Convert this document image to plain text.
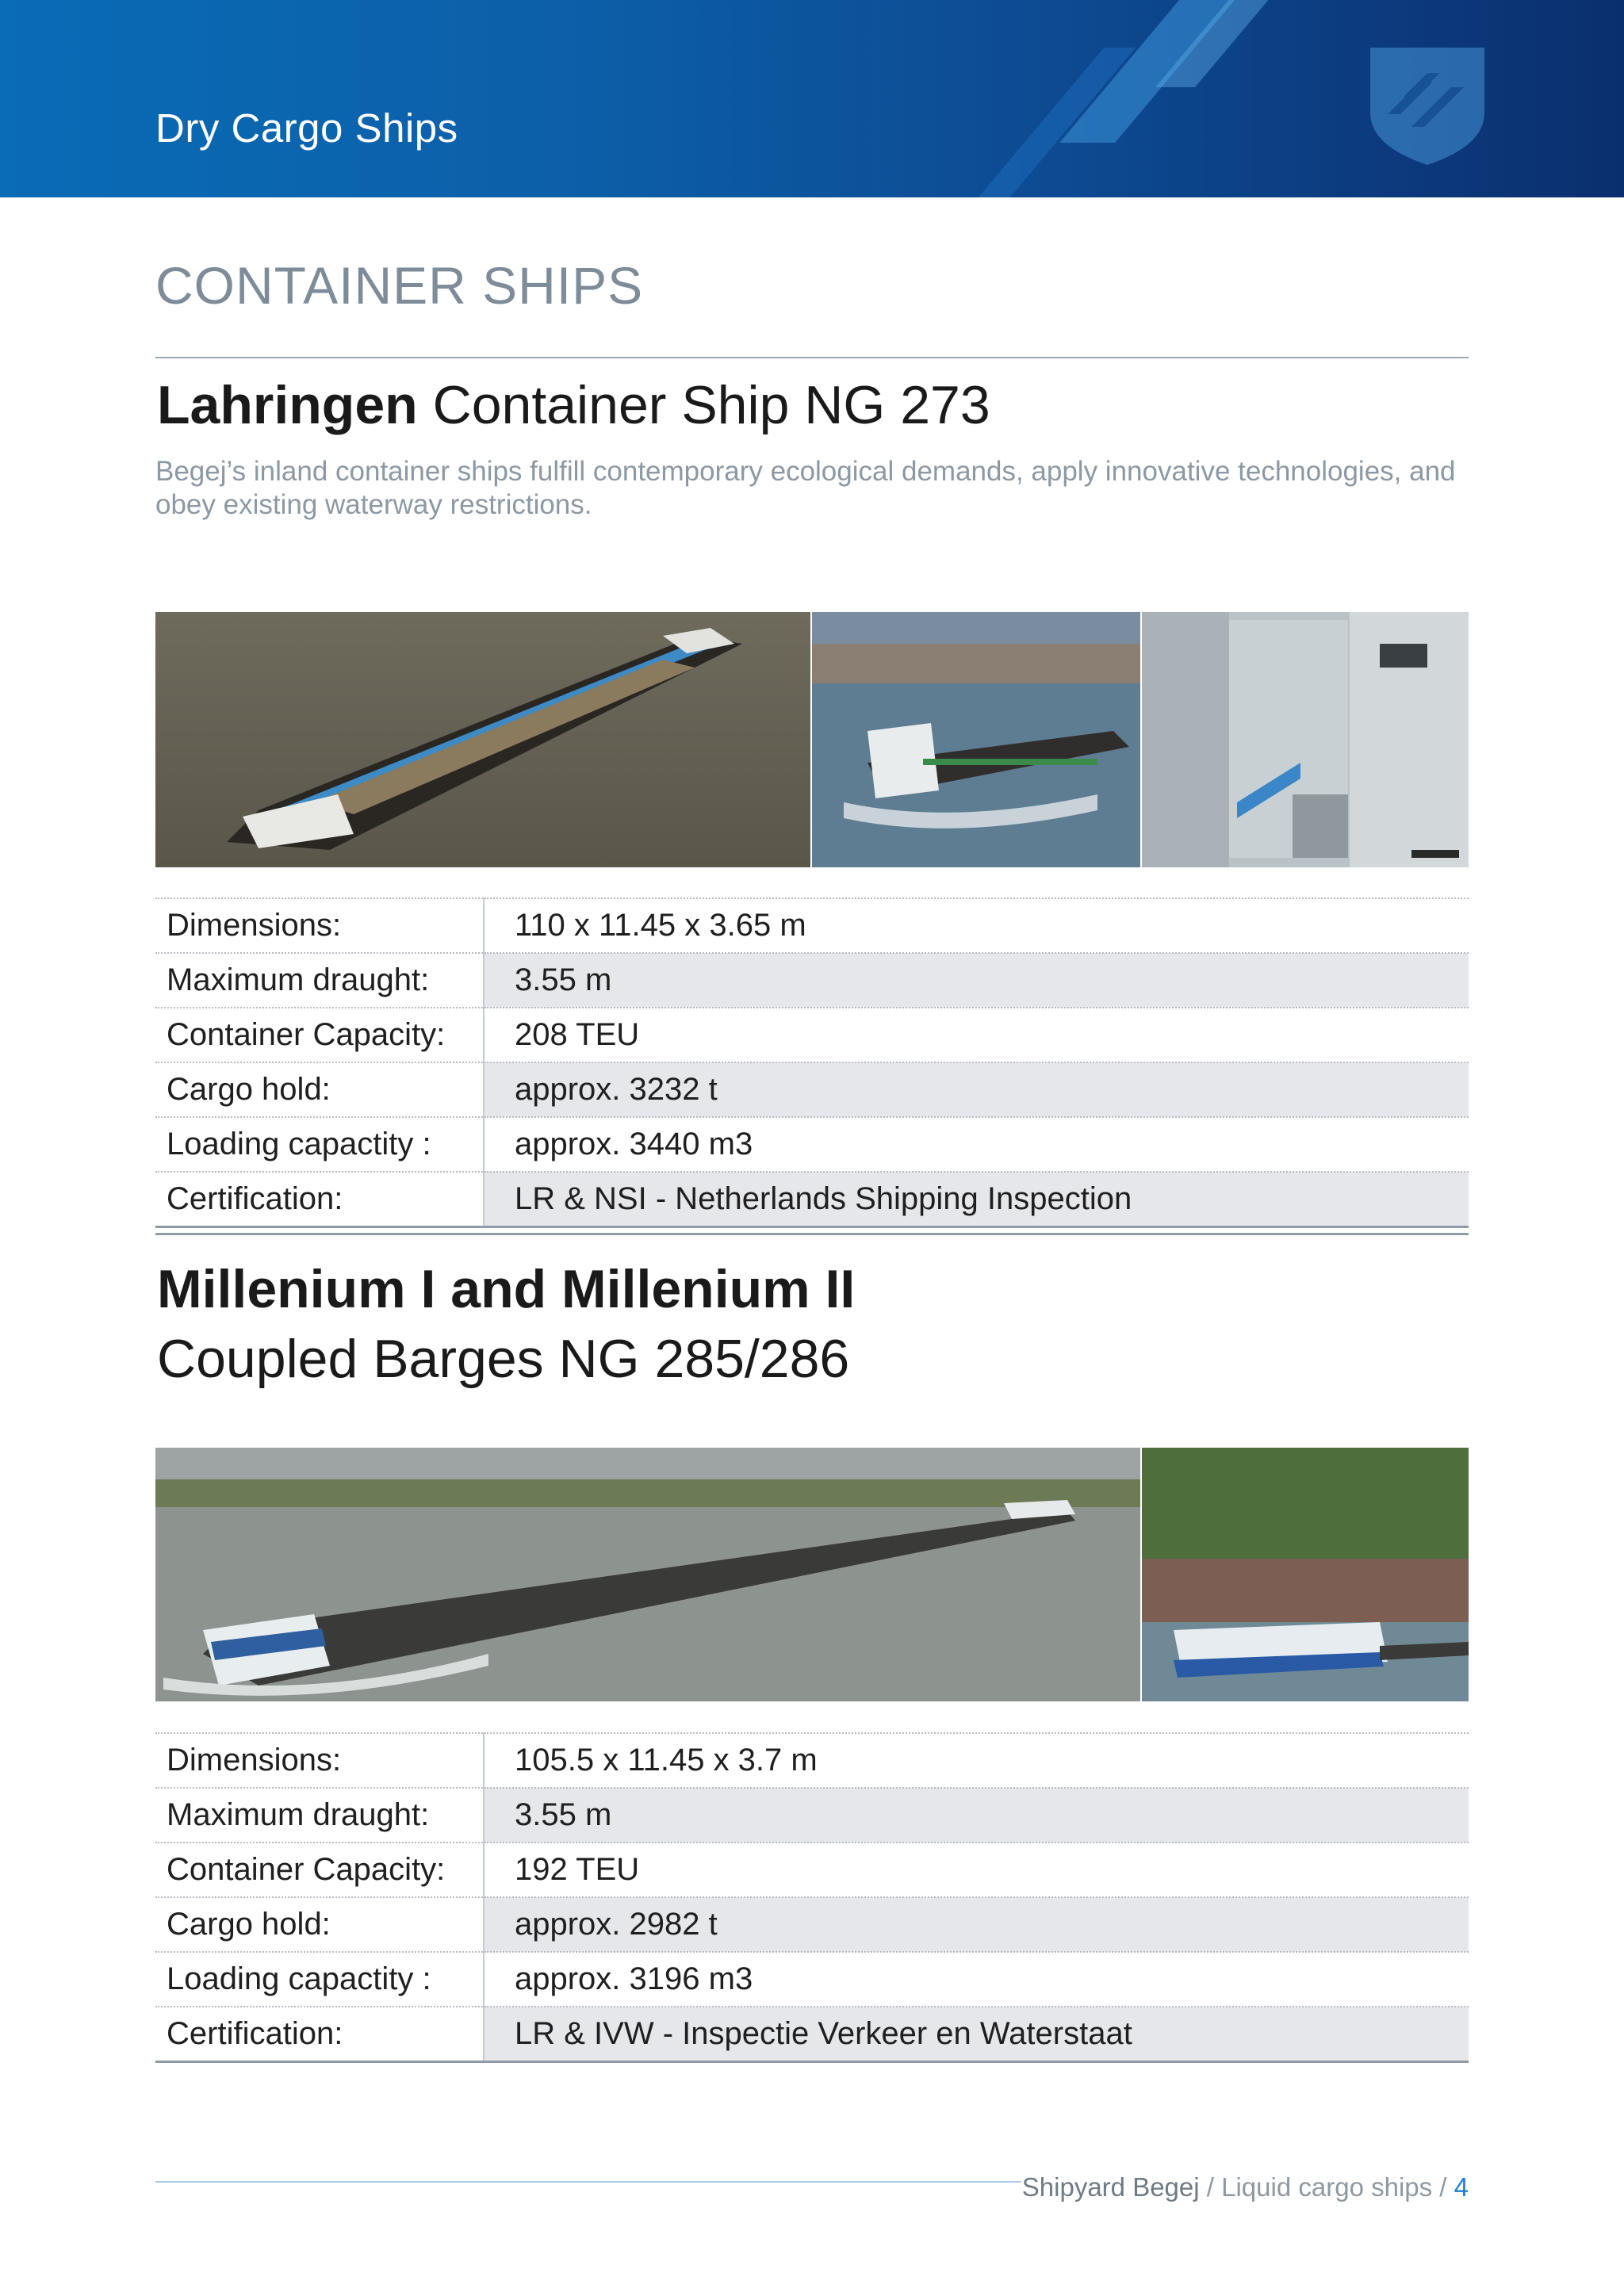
Dry Cargo Ships
CONTAINER SHIPS
Lahringen Container Ship NG 273
Begej’s inland container ships fulfill contemporary ecological demands, apply innovative technologies, and obey existing waterway restrictions.
Dimensions:	110 x 11.45 x 3.65 m
Maximum draught:	3.55 m
Container Capacity:	208 TEU
Cargo hold:	approx. 3232 t
Loading capactity :	approx. 3440 m3
Certification:	LR & NSI - Netherlands Shipping Inspection
Millenium I and Millenium II
Coupled Barges NG 285/286
Dimensions:	105.5 x 11.45 x 3.7 m
Maximum draught:	3.55 m
Container Capacity:	192 TEU
Cargo hold:	approx. 2982 t
Loading capactity :	approx. 3196 m3
Certification:	LR & IVW - Inspectie Verkeer en Waterstaat
Shipyard Begej / Liquid cargo ships / 4
